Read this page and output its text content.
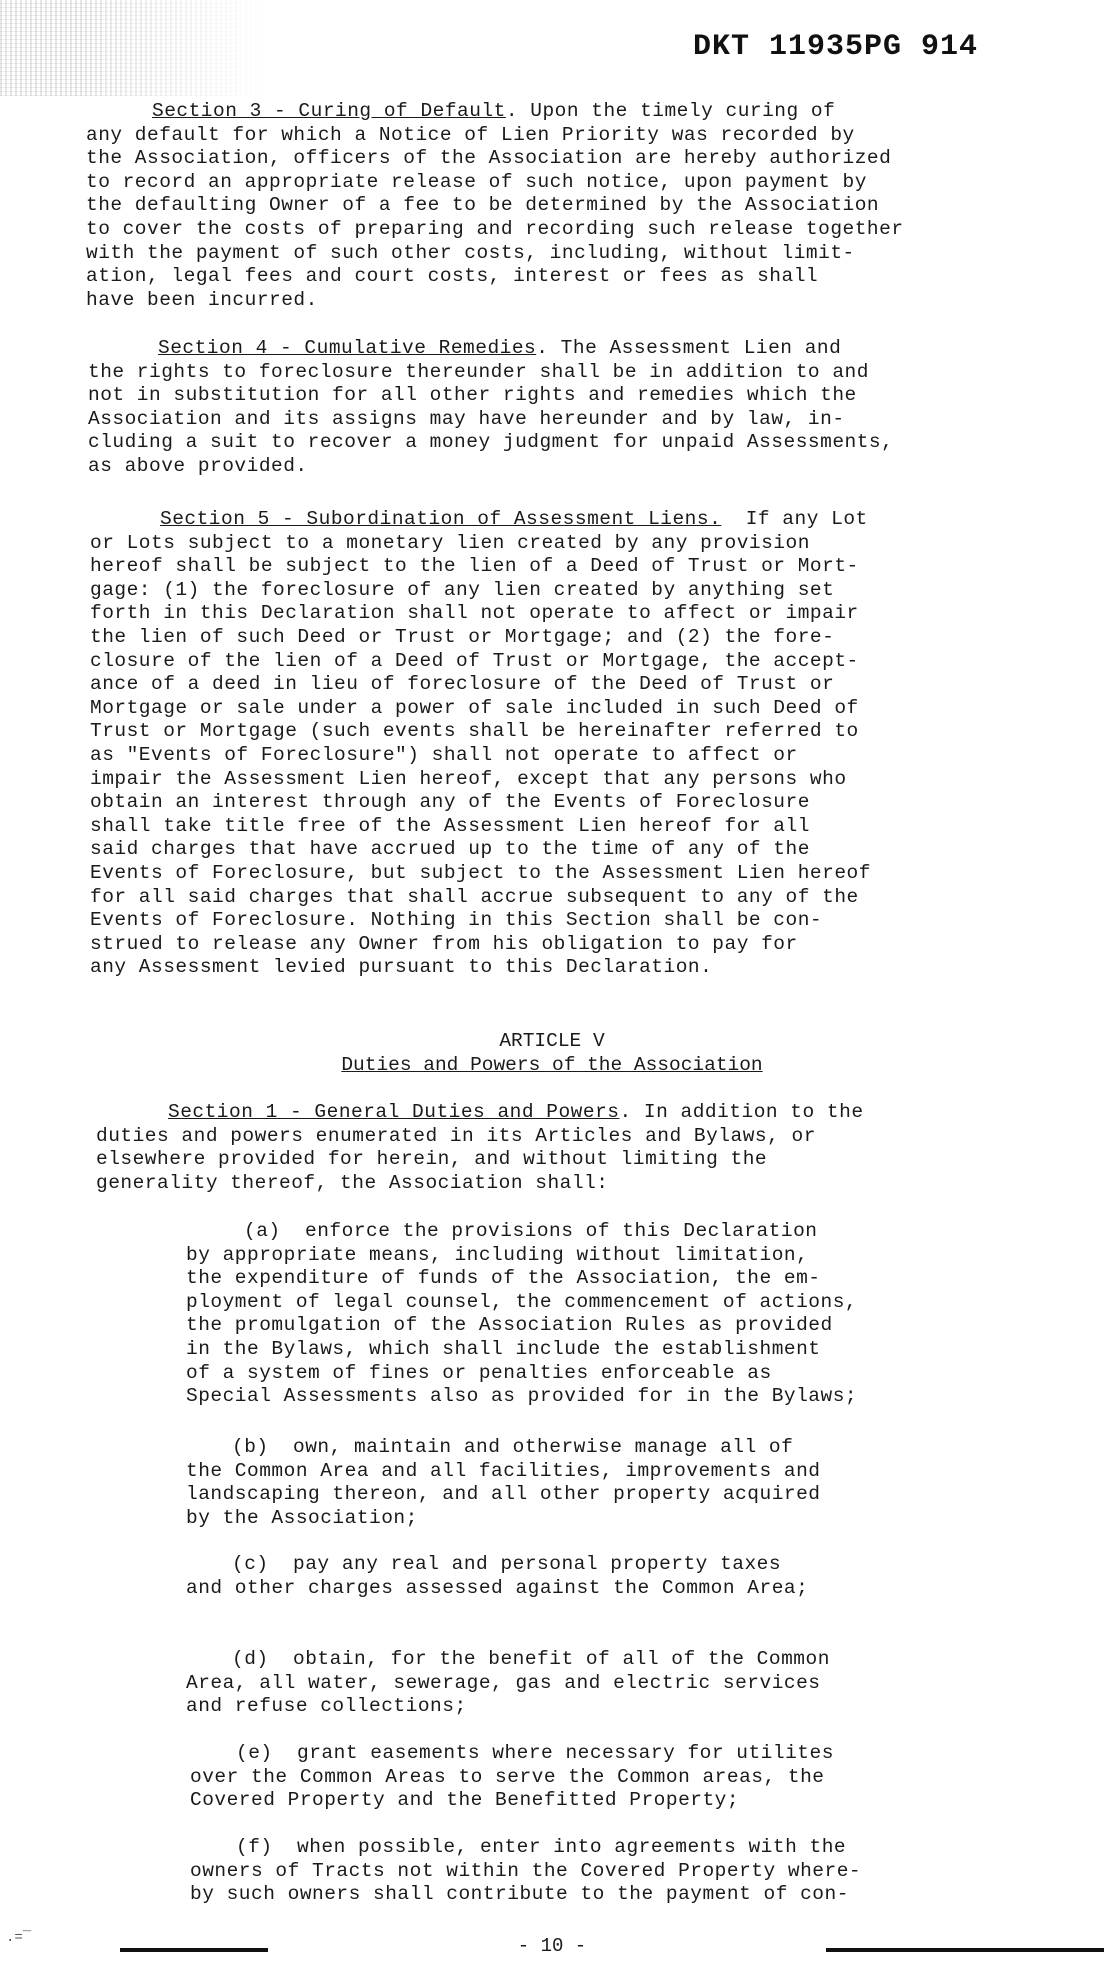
DKT 11935PG 914
Section 3 - Curing of Default. Upon the timely curing of
any default for which a Notice of Lien Priority was recorded by
the Association, officers of the Association are hereby authorized
to record an appropriate release of such notice, upon payment by
the defaulting Owner of a fee to be determined by the Association
to cover the costs of preparing and recording such release together
with the payment of such other costs, including, without limit-
ation, legal fees and court costs, interest or fees as shall
have been incurred.
Section 4 - Cumulative Remedies. The Assessment Lien and
the rights to foreclosure thereunder shall be in addition to and
not in substitution for all other rights and remedies which the
Association and its assigns may have hereunder and by law, in-
cluding a suit to recover a money judgment for unpaid Assessments,
as above provided.
Section 5 - Subordination of Assessment Liens.  If any Lot
or Lots subject to a monetary lien created by any provision
hereof shall be subject to the lien of a Deed of Trust or Mort-
gage: (1) the foreclosure of any lien created by anything set
forth in this Declaration shall not operate to affect or impair
the lien of such Deed or Trust or Mortgage; and (2) the fore-
closure of the lien of a Deed of Trust or Mortgage, the accept-
ance of a deed in lieu of foreclosure of the Deed of Trust or
Mortgage or sale under a power of sale included in such Deed of
Trust or Mortgage (such events shall be hereinafter referred to
as "Events of Foreclosure") shall not operate to affect or
impair the Assessment Lien hereof, except that any persons who
obtain an interest through any of the Events of Foreclosure
shall take title free of the Assessment Lien hereof for all
said charges that have accrued up to the time of any of the
Events of Foreclosure, but subject to the Assessment Lien hereof
for all said charges that shall accrue subsequent to any of the
Events of Foreclosure. Nothing in this Section shall be con-
strued to release any Owner from his obligation to pay for
any Assessment levied pursuant to this Declaration.
ARTICLE V
Duties and Powers of the Association
Section 1 - General Duties and Powers. In addition to the
duties and powers enumerated in its Articles and Bylaws, or
elsewhere provided for herein, and without limiting the
generality thereof, the Association shall:
(a)  enforce the provisions of this Declaration
by appropriate means, including without limitation,
the expenditure of funds of the Association, the em-
ployment of legal counsel, the commencement of actions,
the promulgation of the Association Rules as provided
in the Bylaws, which shall include the establishment
of a system of fines or penalties enforceable as
Special Assessments also as provided for in the Bylaws;
(b)  own, maintain and otherwise manage all of
the Common Area and all facilities, improvements and
landscaping thereon, and all other property acquired
by the Association;
(c)  pay any real and personal property taxes
and other charges assessed against the Common Area;
(d)  obtain, for the benefit of all of the Common
Area, all water, sewerage, gas and electric services
and refuse collections;
(e)  grant easements where necessary for utilites
over the Common Areas to serve the Common areas, the
Covered Property and the Benefitted Property;
(f)  when possible, enter into agreements with the
owners of Tracts not within the Covered Property where-
by such owners shall contribute to the payment of con-
.=‾	- 10 -
